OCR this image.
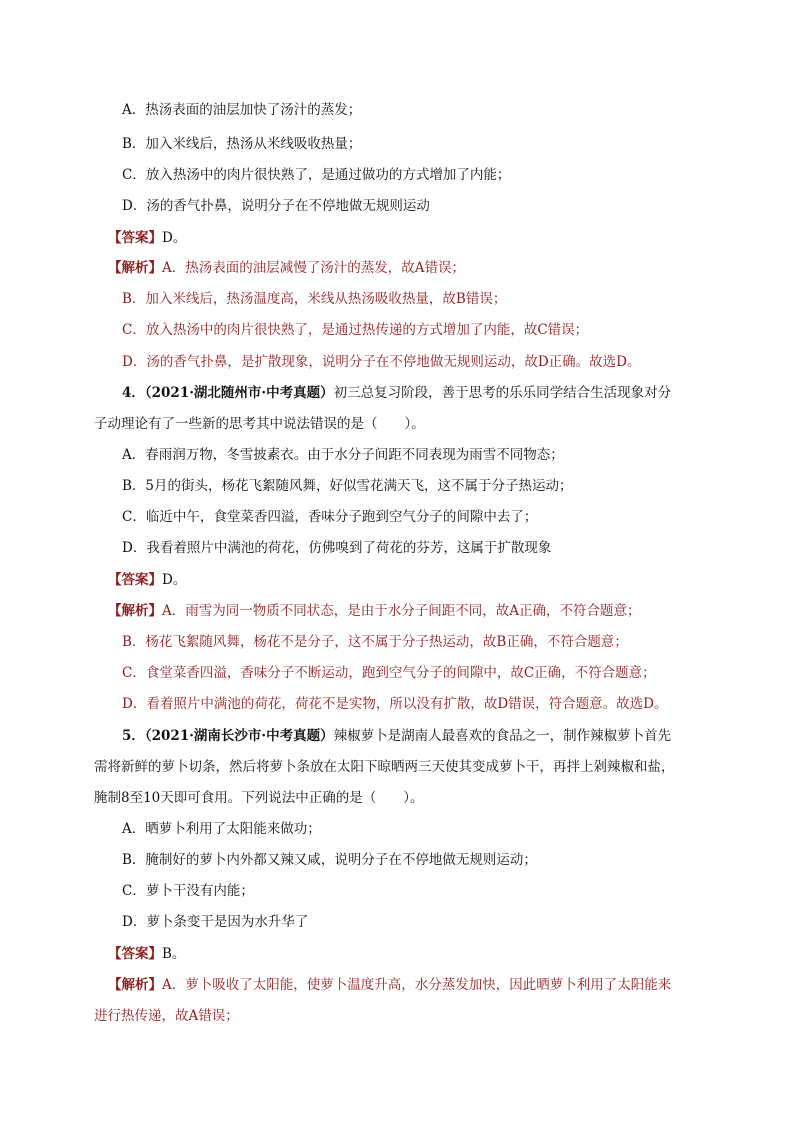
A．热汤表面的油层加快了汤汁的蒸发；
B．加入米线后，热汤从米线吸收热量；
C．放入热汤中的肉片很快熟了，是通过做功的方式增加了内能；
D．汤的香气扑鼻，说明分子在不停地做无规则运动
【答案】D。
【解析】A．热汤表面的油层减慢了汤汁的蒸发，故A错误；
B．加入米线后，热汤温度高，米线从热汤吸收热量，故B错误；
C．放入热汤中的肉片很快熟了，是通过热传递的方式增加了内能，故C错误；
D．汤的香气扑鼻，是扩散现象，说明分子在不停地做无规则运动，故D正确。故选D。
4．（2021·湖北随州市·中考真题）初三总复习阶段，善于思考的乐乐同学结合生活现象对分
子动理论有了一些新的思考其中说法错误的是（　　）。
A．春雨润万物，冬雪披素衣。由于水分子间距不同表现为雨雪不同物态；
B．5月的街头，杨花飞絮随风舞，好似雪花满天飞，这不属于分子热运动；
C．临近中午，食堂菜香四溢，香味分子跑到空气分子的间隙中去了；
D．我看着照片中满池的荷花，仿佛嗅到了荷花的芬芳，这属于扩散现象
【答案】D。
【解析】A．雨雪为同一物质不同状态，是由于水分子间距不同，故A正确，不符合题意；
B．杨花飞絮随风舞，杨花不是分子，这不属于分子热运动，故B正确，不符合题意；
C．食堂菜香四溢，香味分子不断运动，跑到空气分子的间隙中，故C正确，不符合题意；
D．看着照片中满池的荷花，荷花不是实物，所以没有扩散，故D错误，符合题意。故选D。
5．（2021·湖南长沙市·中考真题）辣椒萝卜是湖南人最喜欢的食品之一，制作辣椒萝卜首先
需将新鲜的萝卜切条，然后将萝卜条放在太阳下晾晒两三天使其变成萝卜干，再拌上剁辣椒和盐，
腌制8至10天即可食用。下列说法中正确的是（　　）。
A．晒萝卜利用了太阳能来做功；
B．腌制好的萝卜内外都又辣又咸，说明分子在不停地做无规则运动；
C．萝卜干没有内能；
D．萝卜条变干是因为水升华了
【答案】B。
【解析】A．萝卜吸收了太阳能，使萝卜温度升高，水分蒸发加快，因此晒萝卜利用了太阳能来
进行热传递，故A错误；
